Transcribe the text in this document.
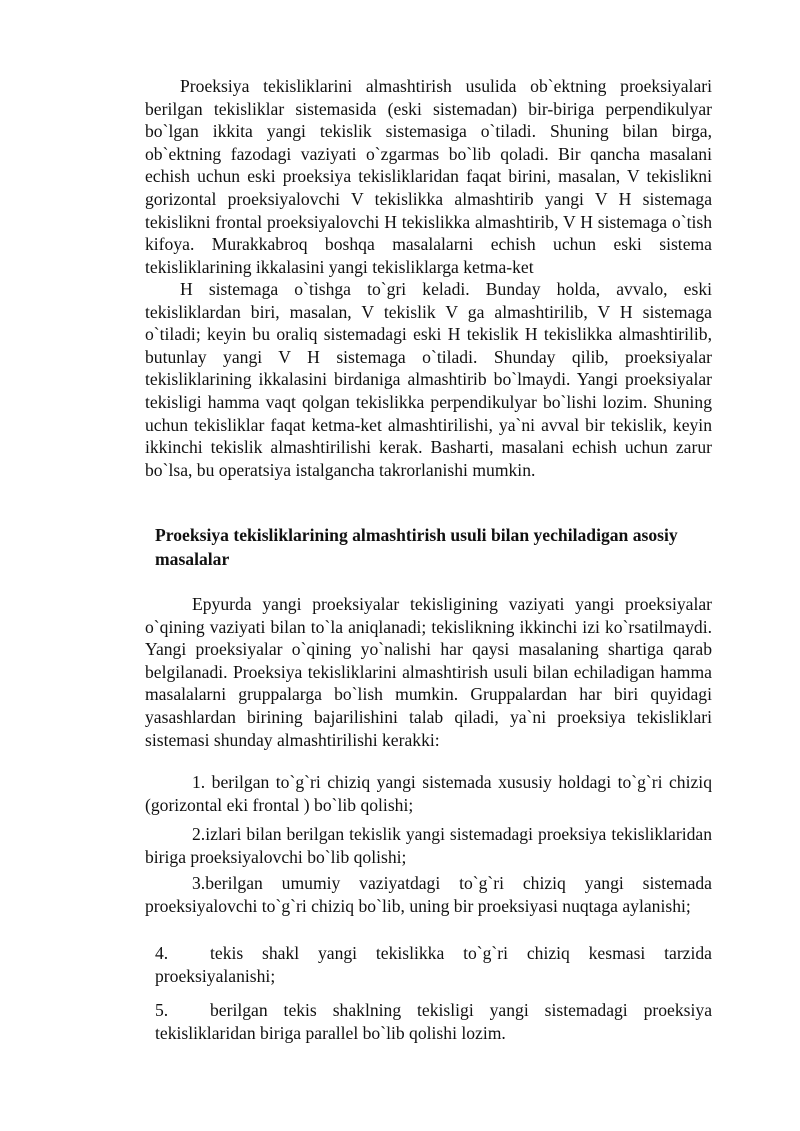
Proeksiya tekisliklarini almashtirish usulida ob`ektning proeksiyalari berilgan tekisliklar sistemasida (eski sistemadan) bir-biriga perpendikulyar bo`lgan ikkita yangi tekislik sistemasiga o`tiladi. Shuning bilan birga, ob`ektning fazodagi vaziyati o`zgarmas bo`lib qoladi. Bir qancha masalani echish uchun eski proeksiya tekisliklaridan faqat birini, masalan, V tekislikni gorizontal proeksiyalovchi V tekislikka almashtirib yangi V H sistemaga tekislikni frontal proeksiyalovchi H tekislikka almashtirib, V H sistemaga o`tish kifoya. Murakkabroq boshqa masalalarni echish uchun eski sistema tekisliklarining ikkalasini yangi tekisliklarga ketma-ket

H sistemaga o`tishga to`gri keladi. Bunday holda, avvalo, eski tekisliklardan biri, masalan, V tekislik V ga almashtirilib, V H sistemaga o`tiladi; keyin bu oraliq sistemadagi eski H tekislik H tekislikka almashtirilib, butunlay yangi V H sistemaga o`tiladi. Shunday qilib, proeksiyalar tekisliklarining ikkalasini birdaniga almashtirib bo`lmaydi. Yangi proeksiyalar tekisligi hamma vaqt qolgan tekislikka perpendikulyar bo`lishi lozim. Shuning uchun tekisliklar faqat ketma-ket almashtirilishi, ya`ni avval bir tekislik, keyin ikkinchi tekislik almashtirilishi kerak. Basharti, masalani echish uchun zarur bo`lsa, bu operatsiya istalgancha takrorlanishi mumkin.

Proeksiya tekisliklarining almashtirish usuli bilan yechiladigan asosiy masalalar

Epyurda yangi proeksiyalar tekisligining vaziyati yangi proeksiyalar o`qining vaziyati bilan to`la aniqlanadi; tekislikning ikkinchi izi ko`rsatilmaydi. Yangi proeksiyalar o`qining yo`nalishi har qaysi masalaning shartiga qarab belgilanadi. Proeksiya tekisliklarini almashtirish usuli bilan echiladigan hamma masalalarni gruppalarga bo`lish mumkin. Gruppalardan har biri quyidagi yasashlardan birining bajarilishini talab qiladi, ya`ni proeksiya tekisliklari sistemasi shunday almashtirilishi kerakki:

1. berilgan to`g`ri chiziq yangi sistemada xususiy holdagi to`g`ri chiziq (gorizontal eki frontal ) bo`lib qolishi;

2.izlari bilan berilgan tekislik yangi sistemadagi proeksiya tekisliklaridan biriga proeksiyalovchi bo`lib qolishi;

3.berilgan umumiy vaziyatdagi to`g`ri chiziq yangi sistemada proeksiyalovchi to`g`ri chiziq bo`lib, uning bir proeksiyasi nuqtaga aylanishi;

4. tekis shakl yangi tekislikka to`g`ri chiziq kesmasi tarzida proeksiyalanishi;

5. berilgan tekis shaklning tekisligi yangi sistemadagi proeksiya tekisliklaridan biriga parallel bo`lib qolishi lozim.
